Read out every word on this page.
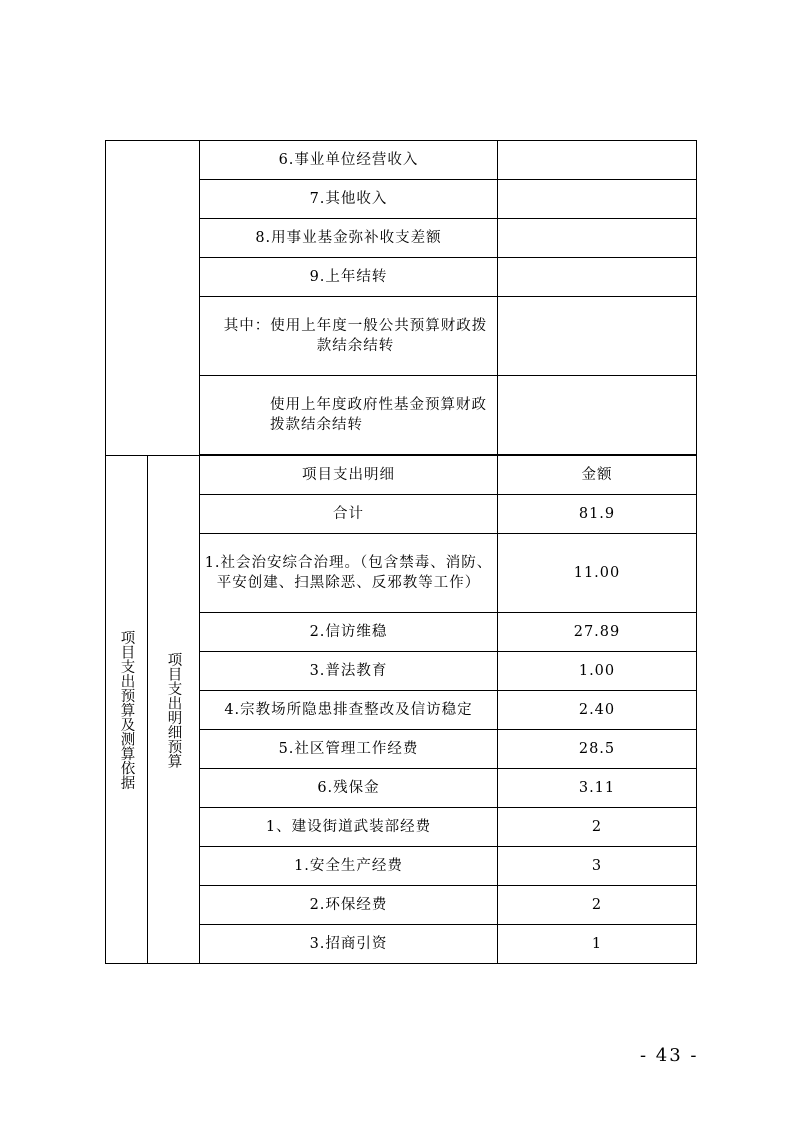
		6.事业单位经营收入	
		7.其他收入	
		8.用事业基金弥补收支差额	
		9.上年结转	
		其中：使用上年度一般公共预算财政拨款结余结转	
		使用上年度政府性基金预算财政拨款结余结转	

项目支出预算及测算依据	项目支出明细预算	项目支出明细	金额
		合计	81.9
		1.社会治安综合治理。（包含禁毒、消防、平安创建、扫黑除恶、反邪教等工作）	11.00
		2.信访维稳	27.89
		3.普法教育	1.00
		4.宗教场所隐患排查整改及信访稳定	2.40
		5.社区管理工作经费	28.5
		6.残保金	3.11
		1、建设街道武装部经费	2
		1.安全生产经费	3
		2.环保经费	2
		3.招商引资	1
- 43 -
